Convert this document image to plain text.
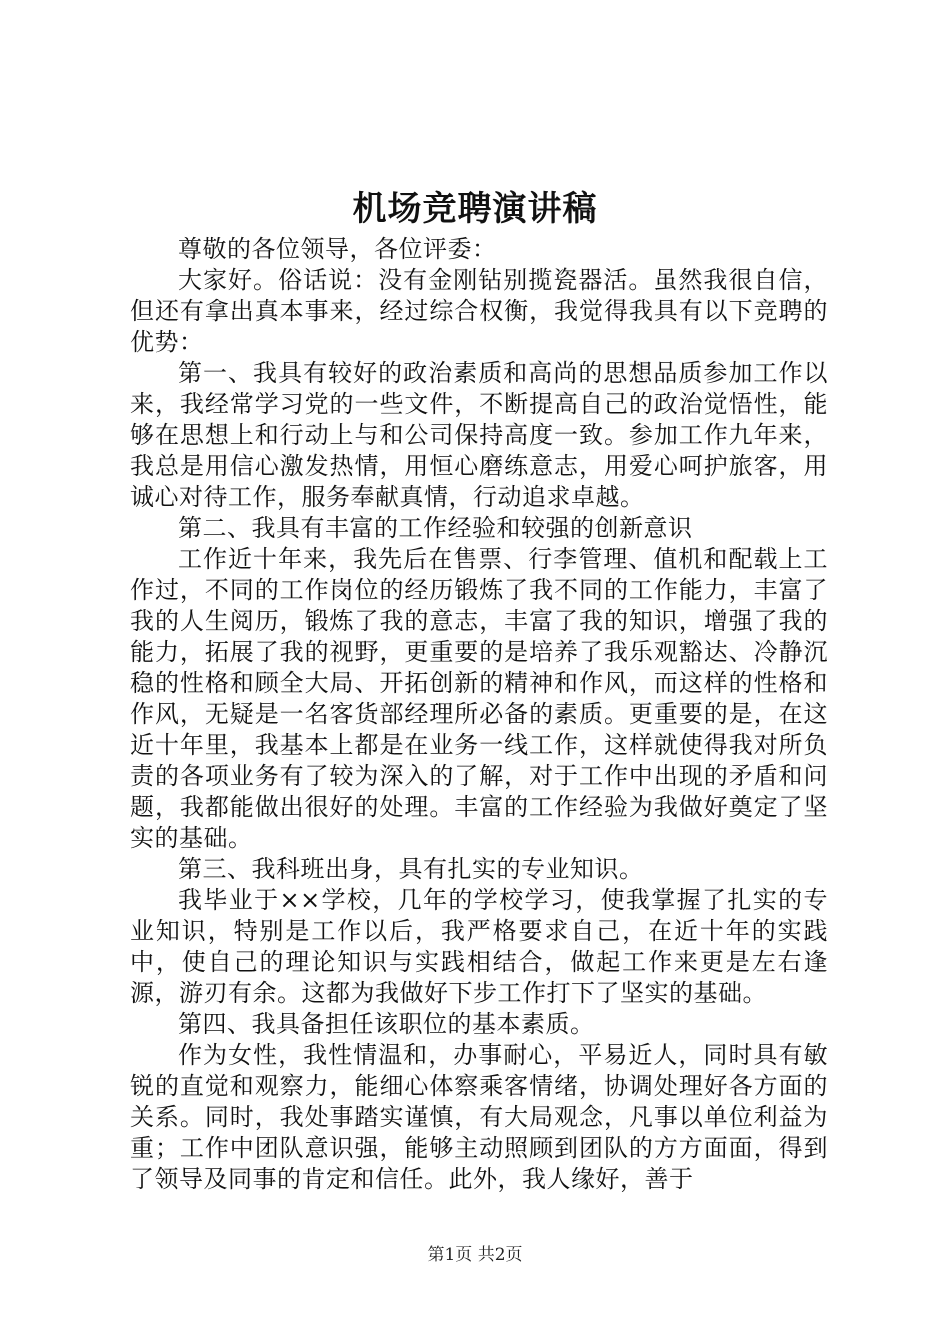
机场竞聘演讲稿

尊敬的各位领导，各位评委：

大家好。俗话说：没有金刚钻别揽瓷器活。虽然我很自信，但还有拿出真本事来，经过综合权衡，我觉得我具有以下竞聘的优势：

第一、我具有较好的政治素质和高尚的思想品质参加工作以来，我经常学习党的一些文件，不断提高自己的政治觉悟性，能够在思想上和行动上与和公司保持高度一致。参加工作九年来，我总是用信心激发热情，用恒心磨练意志，用爱心呵护旅客，用诚心对待工作，服务奉献真情，行动追求卓越。

第二、我具有丰富的工作经验和较强的创新意识

工作近十年来，我先后在售票、行李管理、值机和配载上工作过，不同的工作岗位的经历锻炼了我不同的工作能力，丰富了我的人生阅历，锻炼了我的意志，丰富了我的知识，增强了我的能力，拓展了我的视野，更重要的是培养了我乐观豁达、冷静沉稳的性格和顾全大局、开拓创新的精神和作风，而这样的性格和作风，无疑是一名客货部经理所必备的素质。更重要的是，在这近十年里，我基本上都是在业务一线工作，这样就使得我对所负责的各项业务有了较为深入的了解，对于工作中出现的矛盾和问题，我都能做出很好的处理。丰富的工作经验为我做好奠定了坚实的基础。

第三、我科班出身，具有扎实的专业知识。

我毕业于××学校，几年的学校学习，使我掌握了扎实的专业知识，特别是工作以后，我严格要求自己，在近十年的实践中，使自己的理论知识与实践相结合，做起工作来更是左右逢源，游刃有余。这都为我做好下步工作打下了坚实的基础。

第四、我具备担任该职位的基本素质。

作为女性，我性情温和，办事耐心，平易近人，同时具有敏锐的直觉和观察力，能细心体察乘客情绪，协调处理好各方面的关系。同时，我处事踏实谨慎，有大局观念，凡事以单位利益为重；工作中团队意识强，能够主动照顾到团队的方方面面，得到了领导及同事的肯定和信任。此外，我人缘好，善于

第1页 共2页
